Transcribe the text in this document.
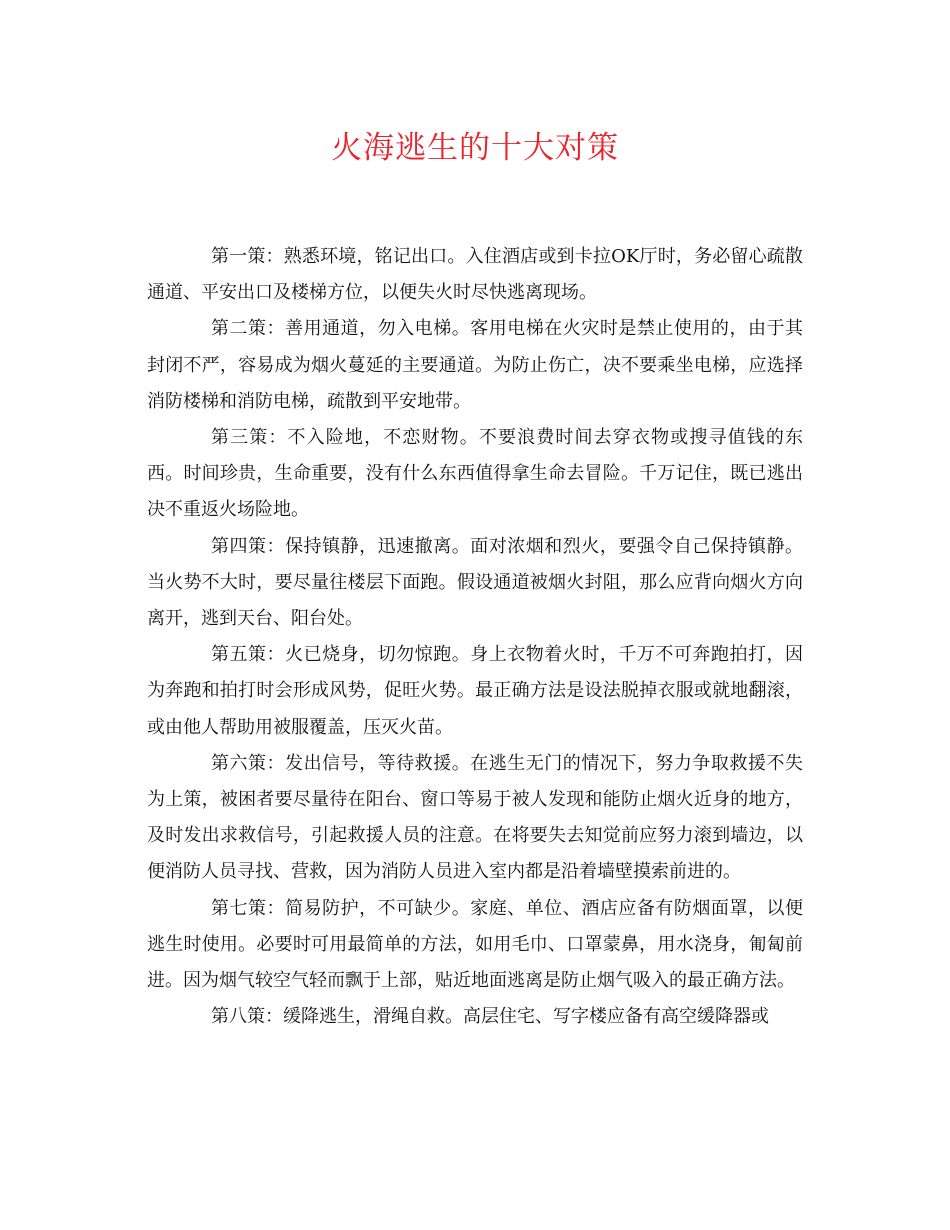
火海逃生的十大对策

第一策：熟悉环境，铭记出口。入住酒店或到卡拉OK厅时，务必留心疏散通道、平安出口及楼梯方位，以便失火时尽快逃离现场。

第二策：善用通道，勿入电梯。客用电梯在火灾时是禁止使用的，由于其封闭不严，容易成为烟火蔓延的主要通道。为防止伤亡，决不要乘坐电梯，应选择消防楼梯和消防电梯，疏散到平安地带。

第三策：不入险地，不恋财物。不要浪费时间去穿衣物或搜寻值钱的东西。时间珍贵，生命重要，没有什么东西值得拿生命去冒险。千万记住，既已逃出决不重返火场险地。

第四策：保持镇静，迅速撤离。面对浓烟和烈火，要强令自己保持镇静。当火势不大时，要尽量往楼层下面跑。假设通道被烟火封阻，那么应背向烟火方向离开，逃到天台、阳台处。

第五策：火已烧身，切勿惊跑。身上衣物着火时，千万不可奔跑拍打，因为奔跑和拍打时会形成风势，促旺火势。最正确方法是设法脱掉衣服或就地翻滚，或由他人帮助用被服覆盖，压灭火苗。

第六策：发出信号，等待救援。在逃生无门的情况下，努力争取救援不失为上策，被困者要尽量待在阳台、窗口等易于被人发现和能防止烟火近身的地方，及时发出求救信号，引起救援人员的注意。在将要失去知觉前应努力滚到墙边，以便消防人员寻找、营救，因为消防人员进入室内都是沿着墙壁摸索前进的。

第七策：简易防护，不可缺少。家庭、单位、酒店应备有防烟面罩，以便逃生时使用。必要时可用最简单的方法，如用毛巾、口罩蒙鼻，用水浇身，匍匐前进。因为烟气较空气轻而飘于上部，贴近地面逃离是防止烟气吸入的最正确方法。

第八策：缓降逃生，滑绳自救。高层住宅、写字楼应备有高空缓降器或
